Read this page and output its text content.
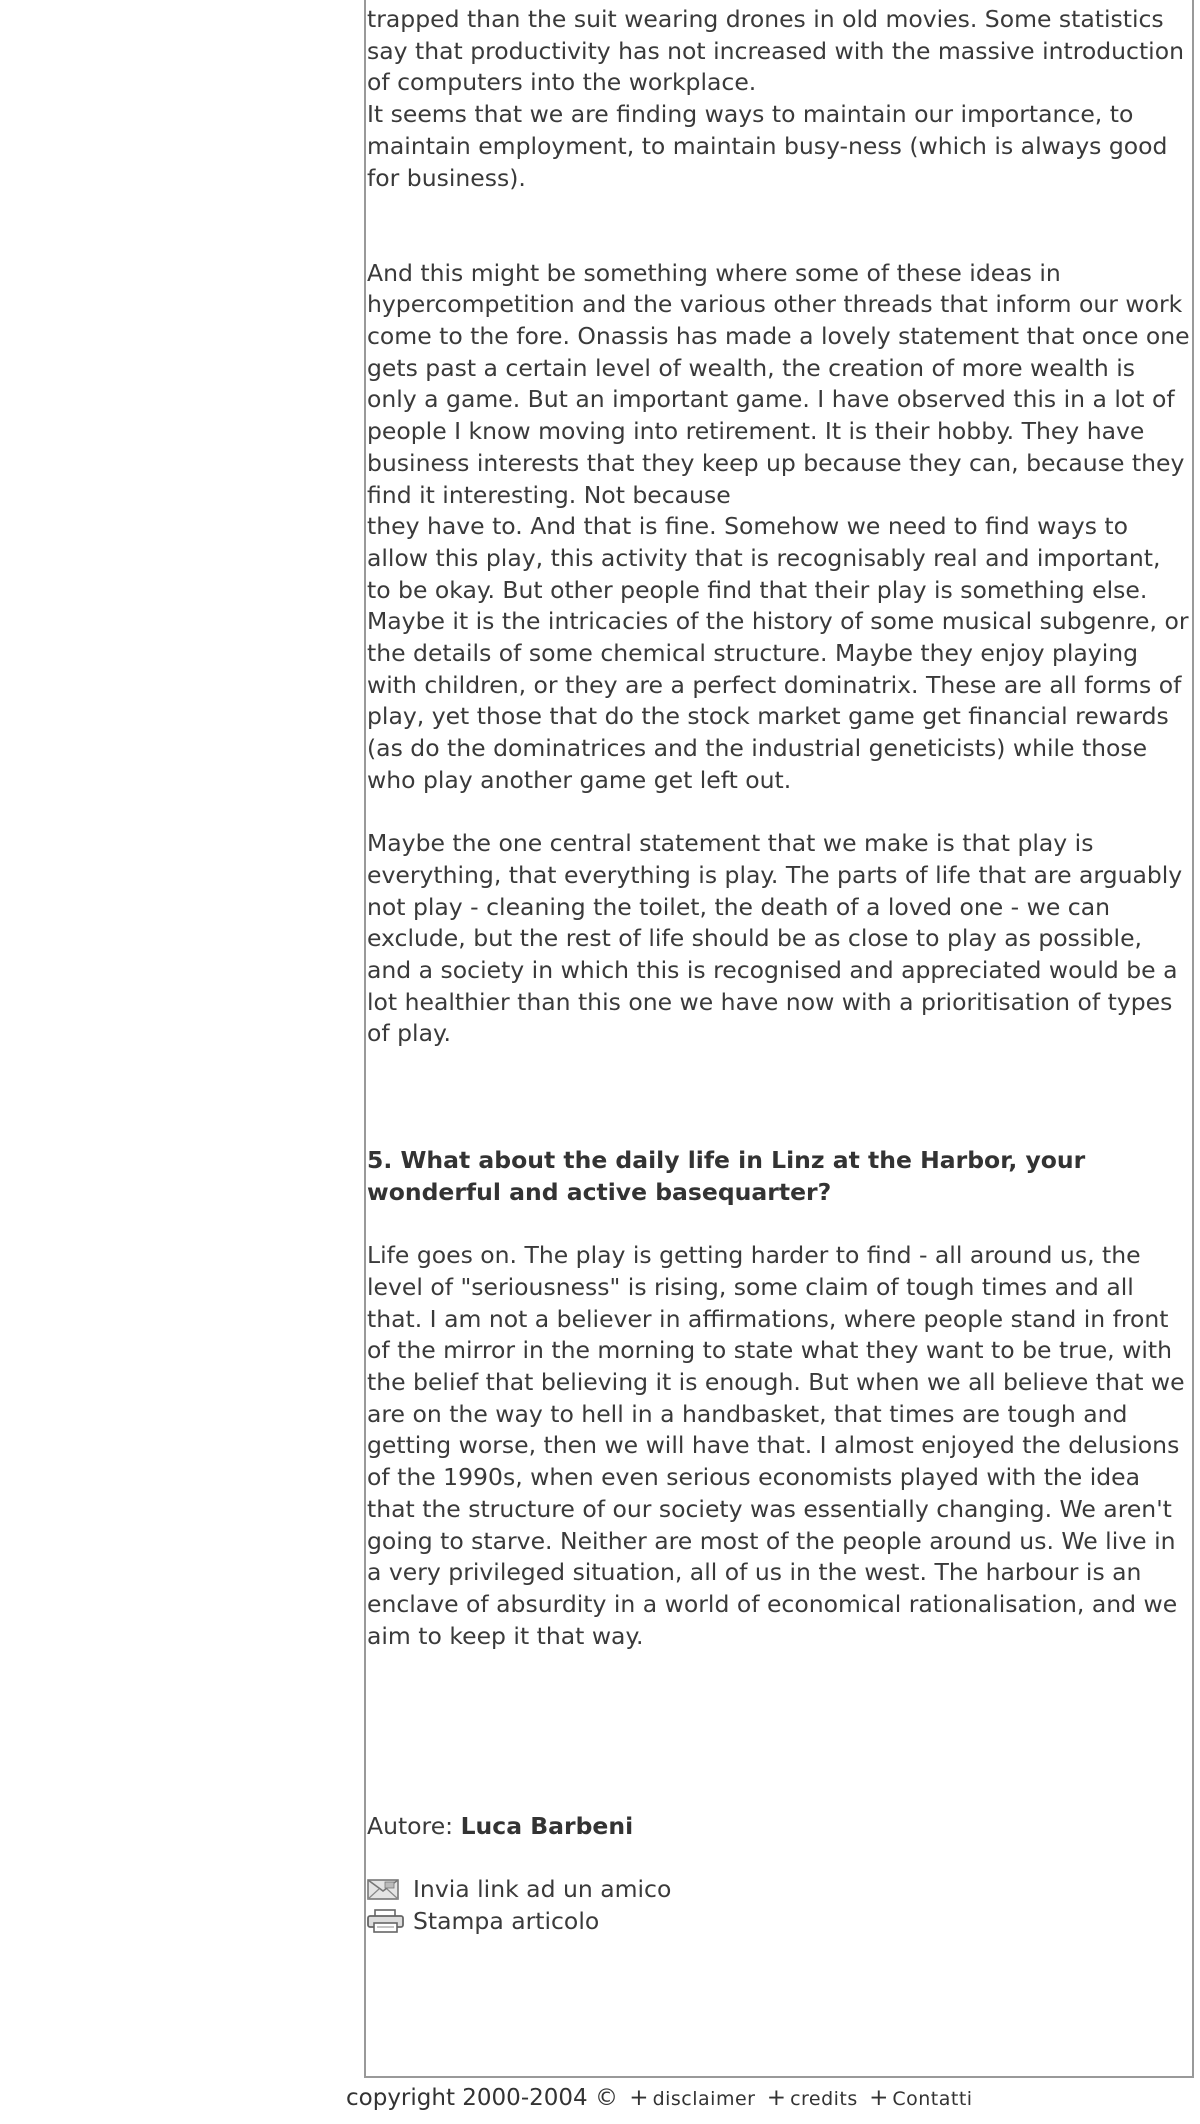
trapped than the suit wearing drones in old movies. Some statistics say that productivity has not increased with the massive introduction of computers into the workplace.

It seems that we are finding ways to maintain our importance, to maintain employment, to maintain busy-ness (which is always good for business).

And this might be something where some of these ideas in hypercompetition and the various other threads that inform our work come to the fore. Onassis has made a lovely statement that once one gets past a certain level of wealth, the creation of more wealth is only a game. But an important game. I have observed this in a lot of

people I know moving into retirement. It is their hobby. They have business interests that they keep up because they can, because they find it interesting. Not because

they have to. And that is fine. Somehow we need to find ways to allow this play, this activity that is recognisably real and important, to be okay. But other people find that their play is something else. Maybe it is the intricacies of the history of some musical subgenre, or the details of some chemical structure. Maybe they enjoy playing with children, or they are a perfect dominatrix. These are all forms of play, yet those that do the stock market game get financial rewards (as do the dominatrices and the industrial geneticists) while those who play another game get left out.

Maybe the one central statement that we make is that play is everything, that everything is play. The parts of life that are arguably not play - cleaning the toilet, the death of a loved one - we can exclude, but the rest of life should be as close to play as possible, and a society in which this is recognised and appreciated would be a lot healthier than this one we have now with a prioritisation of types of play.

5. What about the daily life in Linz at the Harbor, your wonderful and active basequarter?

Life goes on. The play is getting harder to find - all around us, the level of "seriousness" is rising, some claim of tough times and all that. I am not a believer in affirmations, where people stand in front of the mirror in the morning to state what they want to be true, with the belief that believing it is enough. But when we all believe that we are on the way to hell in a handbasket, that times are tough and getting worse, then we will have that. I almost enjoyed the delusions of the 1990s, when even serious economists played with the idea that the structure of our society was essentially changing. We aren't going to starve. Neither are most of the people around us. We live in a very privileged situation, all of us in the west. The harbour is an enclave of absurdity in a world of economical rationalisation, and we aim to keep it that way.

Autore: Luca Barbeni

Invia link ad un amico
Stampa articolo
copyright 2000-2004 © + disclaimer + credits + Contatti
